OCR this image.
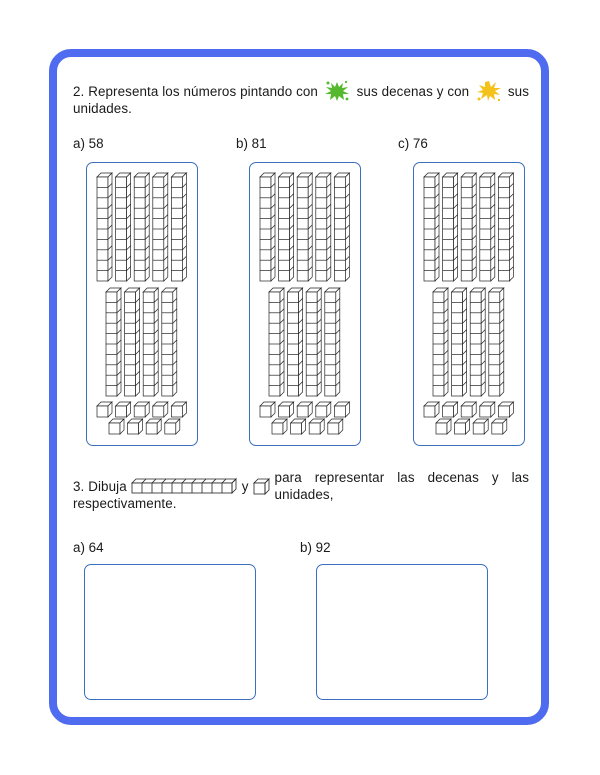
2. Representa los números pintando con	sus decenas y con	sus
unidades.
a) 58	b) 81	c) 76
3. Dibuja	y
para representar las decenas y las unidades,
respectivamente.
a) 64	b) 92
